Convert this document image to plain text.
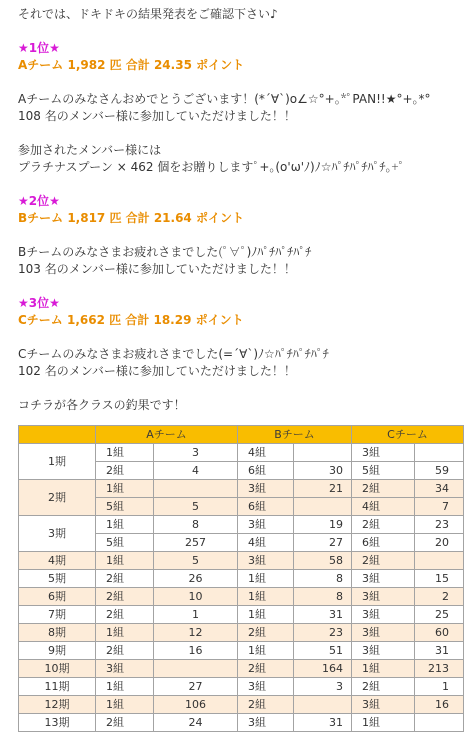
それでは、ドキドキの結果発表をご確認下さい♪

★1位★

Aチーム 1,982 匹 合計 24.35 ポイント

Aチームのみなさんおめでとうございます！(*´∀`)o∠☆°+｡*ﾟPAN!!★°+｡*°

108 名のメンバー様に参加していただけました！！

参加されたメンバー様には

プラチナスプーン × 462 個をお贈りしますﾟ+｡(o'ω'ﾉ)ﾉ☆ﾊﾟﾁﾊﾟﾁﾊﾟﾁ｡+ﾟ

★2位★

Bチーム 1,817 匹 合計 21.64 ポイント

Bチームのみなさまお疲れさまでした(ﾟ∀ﾟ)ﾉﾊﾟﾁﾊﾟﾁﾊﾟﾁ

103 名のメンバー様に参加していただけました！！

★3位★

Cチーム 1,662 匹 合計 18.29 ポイント

Cチームのみなさまお疲れさまでした(=´∀`)ﾉ☆ﾊﾟﾁﾊﾟﾁﾊﾟﾁ

102 名のメンバー様に参加していただけました！！

コチラが各クラスの釣果です！

	Aチーム		Bチーム		Cチーム	
1期	1組	3	4組		3組	
	2組	4	6組	30	5組	59
2期	1組		3組	21	2組	34
	5組	5	6組		4組	7
3期	1組	8	3組	19	2組	23
	5組	257	4組	27	6組	20
4期	1組	5	3組	58	2組	
5期	2組	26	1組	8	3組	15
6期	2組	10	1組	8	3組	2
7期	2組	1	1組	31	3組	25
8期	1組	12	2組	23	3組	60
9期	2組	16	1組	51	3組	31
10期	3組		2組	164	1組	213
11期	1組	27	3組	3	2組	1
12期	1組	106	2組		3組	16
13期	2組	24	3組	31	1組	
